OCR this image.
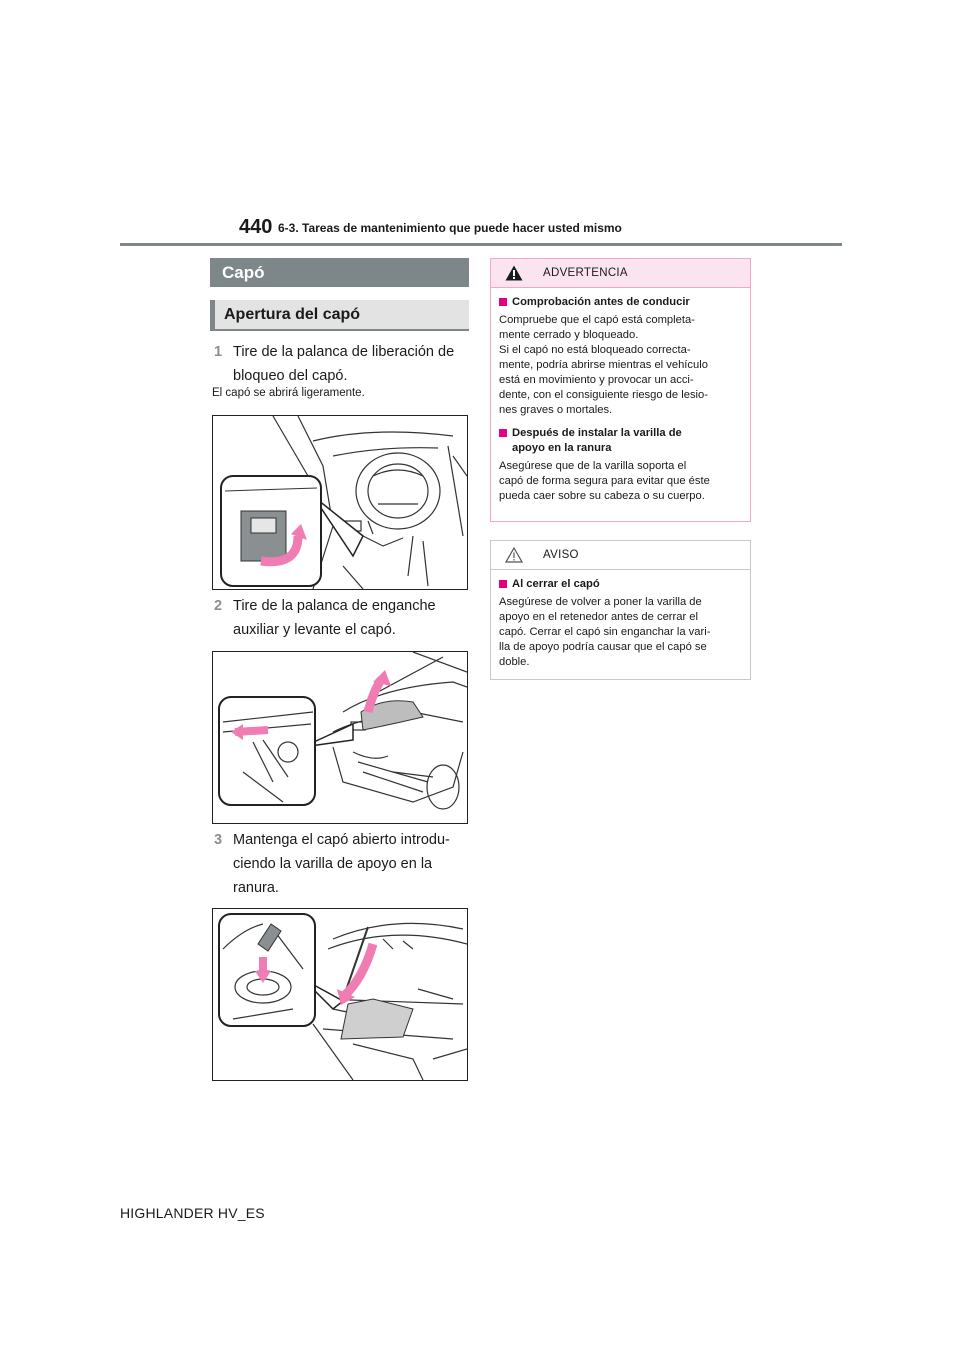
440 6-3. Tareas de mantenimiento que puede hacer usted mismo
Capó
Apertura del capó
1 Tire de la palanca de liberación de
bloqueo del capó.
El capó se abrirá ligeramente.
2 Tire de la palanca de enganche
auxiliar y levante el capó.
3 Mantenga el capó abierto introdu-
ciendo la varilla de apoyo en la
ranura.
ADVERTENCIA
Comprobación antes de conducir
Compruebe que el capó está completa-
mente cerrado y bloqueado.
Si el capó no está bloqueado correcta-
mente, podría abrirse mientras el vehículo
está en movimiento y provocar un acci-
dente, con el consiguiente riesgo de lesio-
nes graves o mortales.
Después de instalar la varilla de
apoyo en la ranura
Asegúrese que de la varilla soporta el
capó de forma segura para evitar que éste
pueda caer sobre su cabeza o su cuerpo.
AVISO
Al cerrar el capó
Asegúrese de volver a poner la varilla de
apoyo en el retenedor antes de cerrar el
capó. Cerrar el capó sin enganchar la vari-
lla de apoyo podría causar que el capó se
doble.
HIGHLANDER HV_ES
